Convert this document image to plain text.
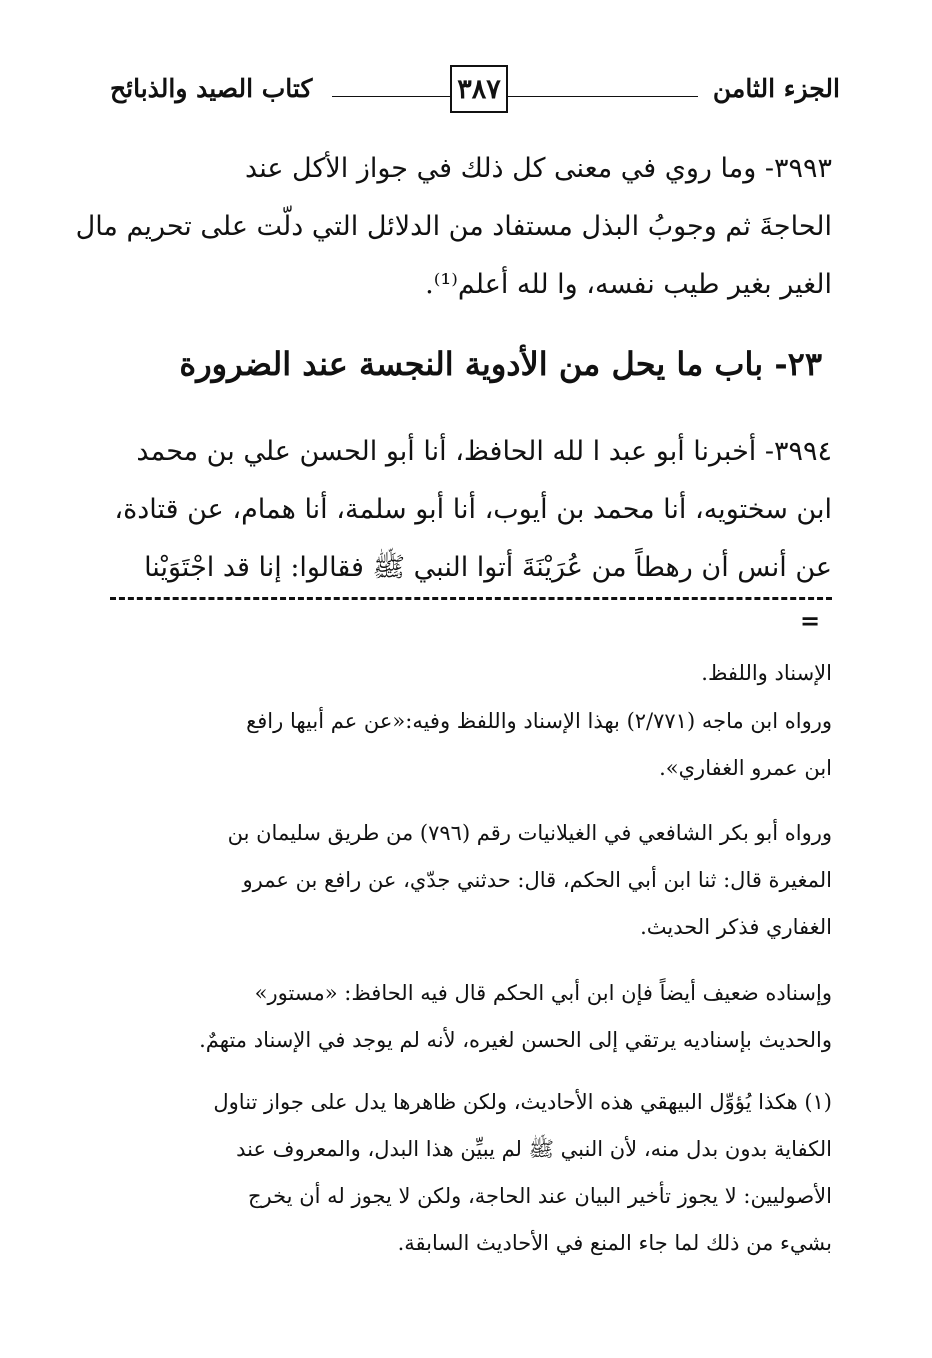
الجزء الثامن
٣٨٧
كتاب الصيد والذبائح
٣٩٩٣- وما روي في معنى كل ذلك في جواز الأكل عند
الحاجةَ ثم وجوبُ البذل مستفاد من الدلائل التي دلّت على تحريم مال
الغير بغير طيب نفسه، وا لله أعلم⁽¹⁾.
٢٣- باب ما يحل من الأدوية النجسة عند الضرورة
٣٩٩٤- أخبرنا أبو عبد ا لله الحافظ، أنا أبو الحسن علي بن محمد
ابن سختويه، أنا محمد بن أيوب، أنا أبو سلمة، أنا همام، عن قتادة،
عن أنس أن رهطاً من عُرَيْنَةَ أتوا النبي ﷺ فقالوا: إنا قد اجْتَوَيْنا
=
الإسناد واللفظ.
ورواه ابن ماجه (٢/٧٧١) بهذا الإسناد واللفظ وفيه:«عن عم أبيها رافع
ابن عمرو الغفاري».
ورواه أبو بكر الشافعي في الغيلانيات رقم (٧٩٦) من طريق سليمان بن
المغيرة قال: ثنا ابن أبي الحكم، قال: حدثني جدّي، عن رافع بن عمرو
الغفاري فذكر الحديث.
وإسناده ضعيف أيضاً فإن ابن أبي الحكم قال فيه الحافظ: «مستور»
والحديث بإسناديه يرتقي إلى الحسن لغيره، لأنه لم يوجد في الإسناد متهمٌ.
(١) هكذا يُؤوِّل البيهقي هذه الأحاديث، ولكن ظاهرها يدل على جواز تناول
الكفاية بدون بدل منه، لأن النبي ﷺ لم يبيِّن هذا البدل، والمعروف عند
الأصوليين: لا يجوز تأخير البيان عند الحاجة، ولكن لا يجوز له أن يخرج
بشيء من ذلك لما جاء المنع في الأحاديث السابقة.
